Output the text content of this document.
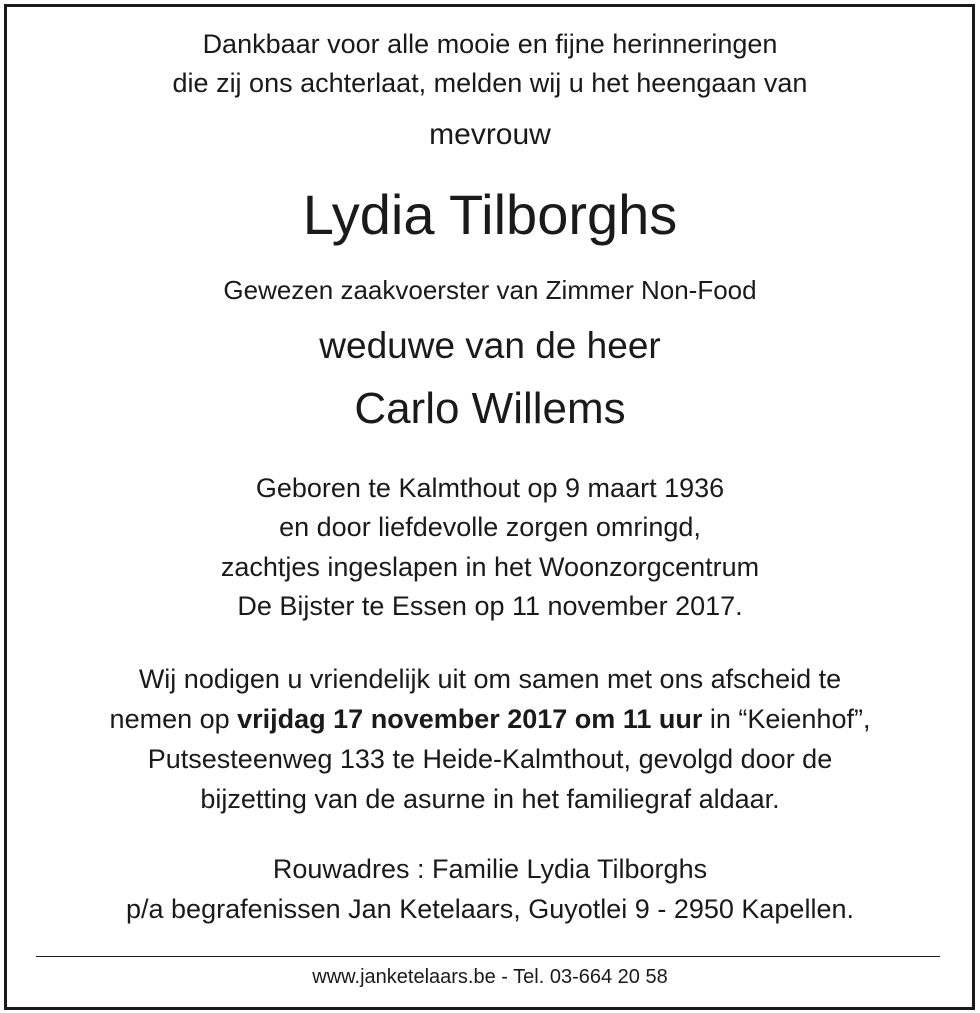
Dankbaar voor alle mooie en fijne herinneringen
die zij ons achterlaat, melden wij u het heengaan van
mevrouw
Lydia Tilborghs
Gewezen zaakvoerster van Zimmer Non-Food
weduwe van de heer
Carlo Willems
Geboren te Kalmthout op 9 maart 1936
en door liefdevolle zorgen omringd,
zachtjes ingeslapen in het Woonzorgcentrum
De Bijster te Essen op 11 november 2017.
Wij nodigen u vriendelijk uit om samen met ons afscheid te
nemen op vrijdag 17 november 2017 om 11 uur in “Keienhof”,
Putsesteenweg 133 te Heide-Kalmthout, gevolgd door de
bijzetting van de asurne in het familiegraf aldaar.
Rouwadres : Familie Lydia Tilborghs
p/a begrafenissen Jan Ketelaars, Guyotlei 9 - 2950 Kapellen.
www.janketelaars.be - Tel. 03-664 20 58
